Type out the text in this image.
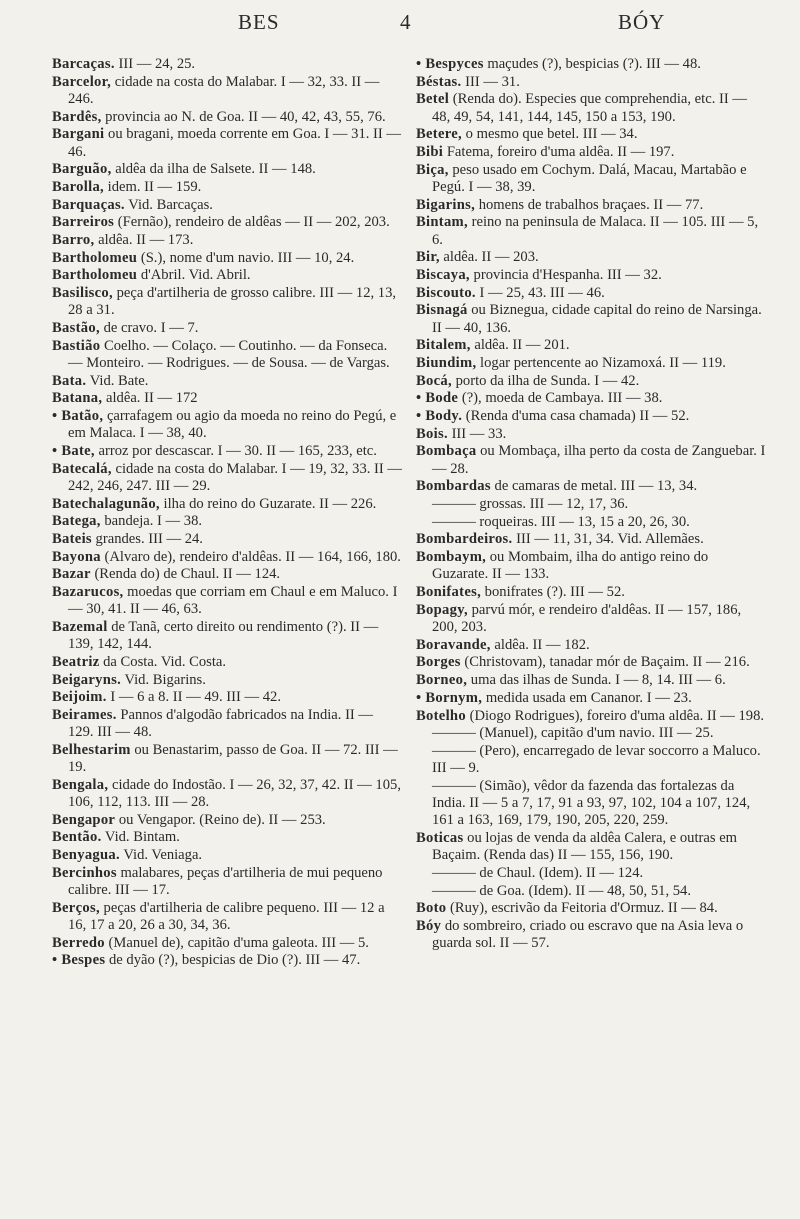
BES	4	BÓY
Barcaças. III — 24, 25.
Barcelor, cidade na costa do Malabar. I — 32, 33. II — 246.
Bardês, provincia ao N. de Goa. II — 40, 42, 43, 55, 76.
Bargani ou bragani, moeda corrente em Goa. I — 31. II — 46.
Barguão, aldêa da ilha de Salsete. II — 148.
Barolla, idem. II — 159.
Barquaças. Vid. Barcaças.
Barreiros (Fernão), rendeiro de aldêas — II — 202, 203.
Barro, aldêa. II — 173.
Bartholomeu (S.), nome d'um navio. III — 10, 24.
Bartholomeu d'Abril. Vid. Abril.
Basilisco, peça d'artilheria de grosso calibre. III — 12, 13, 28 a 31.
Bastão, de cravo. I — 7.
Bastião Coelho. — Colaço. — Coutinho. — da Fonseca. — Monteiro. — Rodrigues. — de Sousa. — de Vargas.
Bata. Vid. Bate.
Batana, aldêa. II — 172
• Batão, çarrafagem ou agio da moeda no reino do Pegú, e em Malaca. I — 38, 40.
• Bate, arroz por descascar. I — 30. II — 165, 233, etc.
Batecalá, cidade na costa do Malabar. I — 19, 32, 33. II — 242, 246, 247. III — 29.
Batechalagunão, ilha do reino do Guzarate. II — 226.
Batega, bandeja. I — 38.
Bateis grandes. III — 24.
Bayona (Alvaro de), rendeiro d'aldêas. II — 164, 166, 180.
Bazar (Renda do) de Chaul. II — 124.
Bazarucos, moedas que corriam em Chaul e em Maluco. I — 30, 41. II — 46, 63.
Bazemal de Tanã, certo direito ou rendimento (?). II — 139, 142, 144.
Beatriz da Costa. Vid. Costa.
Beigaryns. Vid. Bigarins.
Beijoim. I — 6 a 8. II — 49. III — 42.
Beirames. Pannos d'algodão fabricados na India. II — 129. III — 48.
Belhestarim ou Benastarim, passo de Goa. II — 72. III — 19.
Bengala, cidade do Indostão. I — 26, 32, 37, 42. II — 105, 106, 112, 113. III — 28.
Bengapor ou Vengapor. (Reino de). II — 253.
Bentão. Vid. Bintam.
Benyagua. Vid. Veniaga.
Bercinhos malabares, peças d'artilheria de mui pequeno calibre. III — 17.
Berços, peças d'artilheria de calibre pequeno. III — 12 a 16, 17 a 20, 26 a 30, 34, 36.
Berredo (Manuel de), capitão d'uma galeota. III — 5.
• Bespes de dyão (?), bespicias de Dio (?). III — 47.
• Bespyces maçudes (?), bespicias (?). III — 48.
Béstas. III — 31.
Betel (Renda do). Especies que comprehendia, etc. II — 48, 49, 54, 141, 144, 145, 150 a 153, 190.
Betere, o mesmo que betel. III — 34.
Bibi Fatema, foreiro d'uma aldêa. II — 197.
Biça, peso usado em Cochym. Dalá, Macau, Martabão e Pegú. I — 38, 39.
Bigarins, homens de trabalhos braçaes. II — 77.
Bintam, reino na peninsula de Malaca. II — 105. III — 5, 6.
Bir, aldêa. II — 203.
Biscaya, provincia d'Hespanha. III — 32.
Biscouto. I — 25, 43. III — 46.
Bisnagá ou Biznegua, cidade capital do reino de Narsinga. II — 40, 136.
Bitalem, aldêa. II — 201.
Biundim, logar pertencente ao Nizamoxá. II — 119.
Bocá, porto da ilha de Sunda. I — 42.
• Bode (?), moeda de Cambaya. III — 38.
• Body. (Renda d'uma casa chamada) II — 52.
Bois. III — 33.
Bombaça ou Mombaça, ilha perto da costa de Zanguebar. I — 28.
Bombardas de camaras de metal. III — 13, 34.
——— grossas. III — 12, 17, 36.
——— roqueiras. III — 13, 15 a 20, 26, 30.
Bombardeiros. III — 11, 31, 34. Vid. Allemães.
Bombaym, ou Mombaim, ilha do antigo reino do Guzarate. II — 133.
Bonifates, bonifrates (?). III — 52.
Bopagy, parvú mór, e rendeiro d'aldêas. II — 157, 186, 200, 203.
Boravande, aldêa. II — 182.
Borges (Christovam), tanadar mór de Baçaim. II — 216.
Borneo, uma das ilhas de Sunda. I — 8, 14. III — 6.
• Bornym, medida usada em Cananor. I — 23.
Botelho (Diogo Rodrigues), foreiro d'uma aldêa. II — 198.
——— (Manuel), capitão d'um navio. III — 25.
——— (Pero), encarregado de levar soccorro a Maluco. III — 9.
——— (Simão), vêdor da fazenda das fortalezas da India. II — 5 a 7, 17, 91 a 93, 97, 102, 104 a 107, 124, 161 a 163, 169, 179, 190, 205, 220, 259.
Boticas ou lojas de venda da aldêa Calera, e outras em Baçaim. (Renda das) II — 155, 156, 190.
——— de Chaul. (Idem). II — 124.
——— de Goa. (Idem). II — 48, 50, 51, 54.
Boto (Ruy), escrivão da Feitoria d'Ormuz. II — 84.
Bóy do sombreiro, criado ou escravo que na Asia leva o guarda sol. II — 57.
